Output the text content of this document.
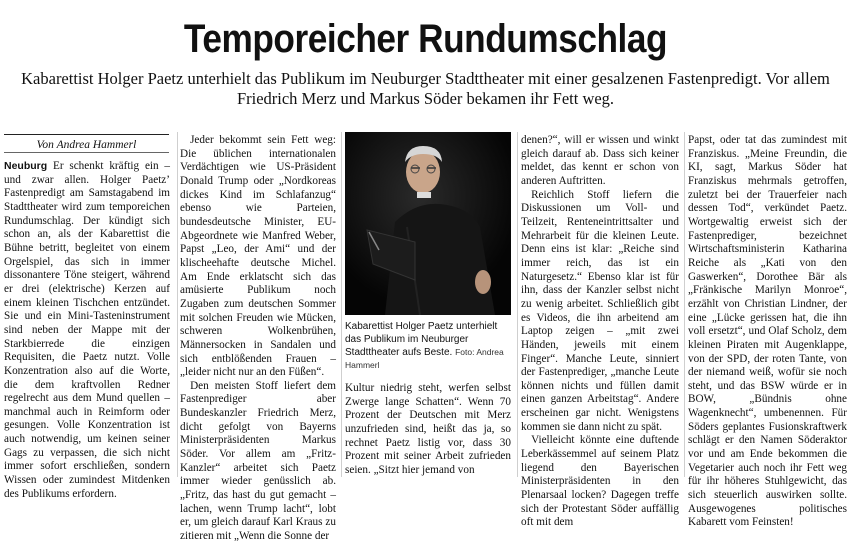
Temporeicher Rundumschlag
Kabarettist Holger Paetz unterhielt das Publikum im Neuburger Stadttheater mit einer gesalzenen Fastenpredigt. Vor allem Friedrich Merz und Markus Söder bekamen ihr Fett weg.
Von Andrea Hammerl

Neuburg Er schenkt kräftig ein – und zwar allen. Holger Paetz’ Fastenpredigt am Samstagabend im Stadttheater wird zum temporeichen Rundumschlag. Der kündigt sich schon an, als der Kabarettist die Bühne betritt, begleitet von einem Orgelspiel, das sich in immer dissonantere Töne steigert, während er drei (elektrische) Kerzen auf einem kleinen Tischchen entzündet. Sie und ein Mini-Tasteninstrument sind neben der Mappe mit der Starkbierrede die einzigen Requisiten, die Paetz nutzt. Volle Konzentration also auf die Worte, die dem kraftvollen Redner regelrecht aus dem Mund quellen – manchmal auch in Reimform oder gesungen. Volle Konzentration ist auch notwendig, um keinen seiner Gags zu verpassen, die sich nicht immer sofort erschließen, sondern Wissen oder zumindest Mitdenken des Publikums erfordern.

Jeder bekommt sein Fett weg: Die üblichen internationalen Verdächtigen wie US-Präsident Donald Trump oder „Nordkoreas dickes Kind im Schlafanzug“ ebenso wie Parteien, bundesdeutsche Minister, EU-Abgeordnete wie Manfred Weber, Papst „Leo, der Ami“ und der klischeehafte deutsche Michel. Am Ende erklatscht sich das amüsierte Publikum noch Zugaben zum deutschen Sommer mit solchen Freuden wie Mücken, schweren Wolkenbrühen, Männersocken in Sandalen und sich entblößenden Frauen – „leider nicht nur an den Füßen“.

Den meisten Stoff liefert dem Fastenprediger aber Bundeskanzler Friedrich Merz, dicht gefolgt von Bayerns Ministerpräsidenten Markus Söder. Vor allem am „Fritz-Kanzler“ arbeitet sich Paetz immer wieder genüsslich ab. „Fritz, das hast du gut gemacht – lachen, wenn Trump lacht“, lobt er, um gleich darauf Karl Kraus zu zitieren mit „Wenn die Sonne der

Kabarettist Holger Paetz unterhielt das Publikum im Neuburger Stadttheater aufs Beste. Foto: Andrea Hammerl

Kultur niedrig steht, werfen selbst Zwerge lange Schatten“. Wenn 70 Prozent der Deutschen mit Merz unzufrieden sind, heißt das ja, so rechnet Paetz listig vor, dass 30 Prozent mit seiner Arbeit zufrieden seien. „Sitzt hier jemand von

denen?“, will er wissen und winkt gleich darauf ab. Dass sich keiner meldet, das kennt er schon von anderen Auftritten.

Reichlich Stoff liefern die Diskussionen um Voll- und Teilzeit, Renteneintrittsalter und Mehrarbeit für die kleinen Leute. Denn eins ist klar: „Reiche sind immer reich, das ist ein Naturgesetz.“ Ebenso klar ist für ihn, dass der Kanzler selbst nicht zu wenig arbeitet. Schließlich gibt es Videos, die ihn arbeitend am Laptop zeigen – „mit zwei Händen, jeweils mit einem Finger“. Manche Leute, sinniert der Fastenprediger, „manche Leute können nichts und füllen damit einen ganzen Arbeitstag“. Andere erscheinen gar nicht. Wenigstens kommen sie dann nicht zu spät.

Vielleicht könnte eine duftende Leberkässemmel auf seinem Platz liegend den Bayerischen Ministerpräsidenten in den Plenarsaal locken? Dagegen treffe sich der Protestant Söder auffällig oft mit dem

Papst, oder tat das zumindest mit Franziskus. „Meine Freundin, die KI, sagt, Markus Söder hat Franziskus mehrmals getroffen, zuletzt bei der Trauerfeier nach dessen Tod“, verkündet Paetz. Wortgewaltig erweist sich der Fastenprediger, bezeichnet Wirtschaftsministerin Katharina Reiche als „Kati von den Gaswerken“, Dorothee Bär als „Fränkische Marilyn Monroe“, erzählt von Christian Lindner, der eine „Lücke gerissen hat, die ihn voll ersetzt“, und Olaf Scholz, dem kleinen Piraten mit Augenklappe, von der SPD, der roten Tante, von der niemand weiß, wofür sie noch steht, und das BSW würde er in BOW, „Bündnis ohne Wagenknecht“, umbenennen. Für Söders geplantes Fusionskraftwerk schlägt er den Namen Söderaktor vor und am Ende bekommen die Vegetarier auch noch ihr Fett weg für ihr höheres Stuhlgewicht, das sich steuerlich auswirken sollte. Ausgewogenes politisches Kabarett vom Feinsten!
